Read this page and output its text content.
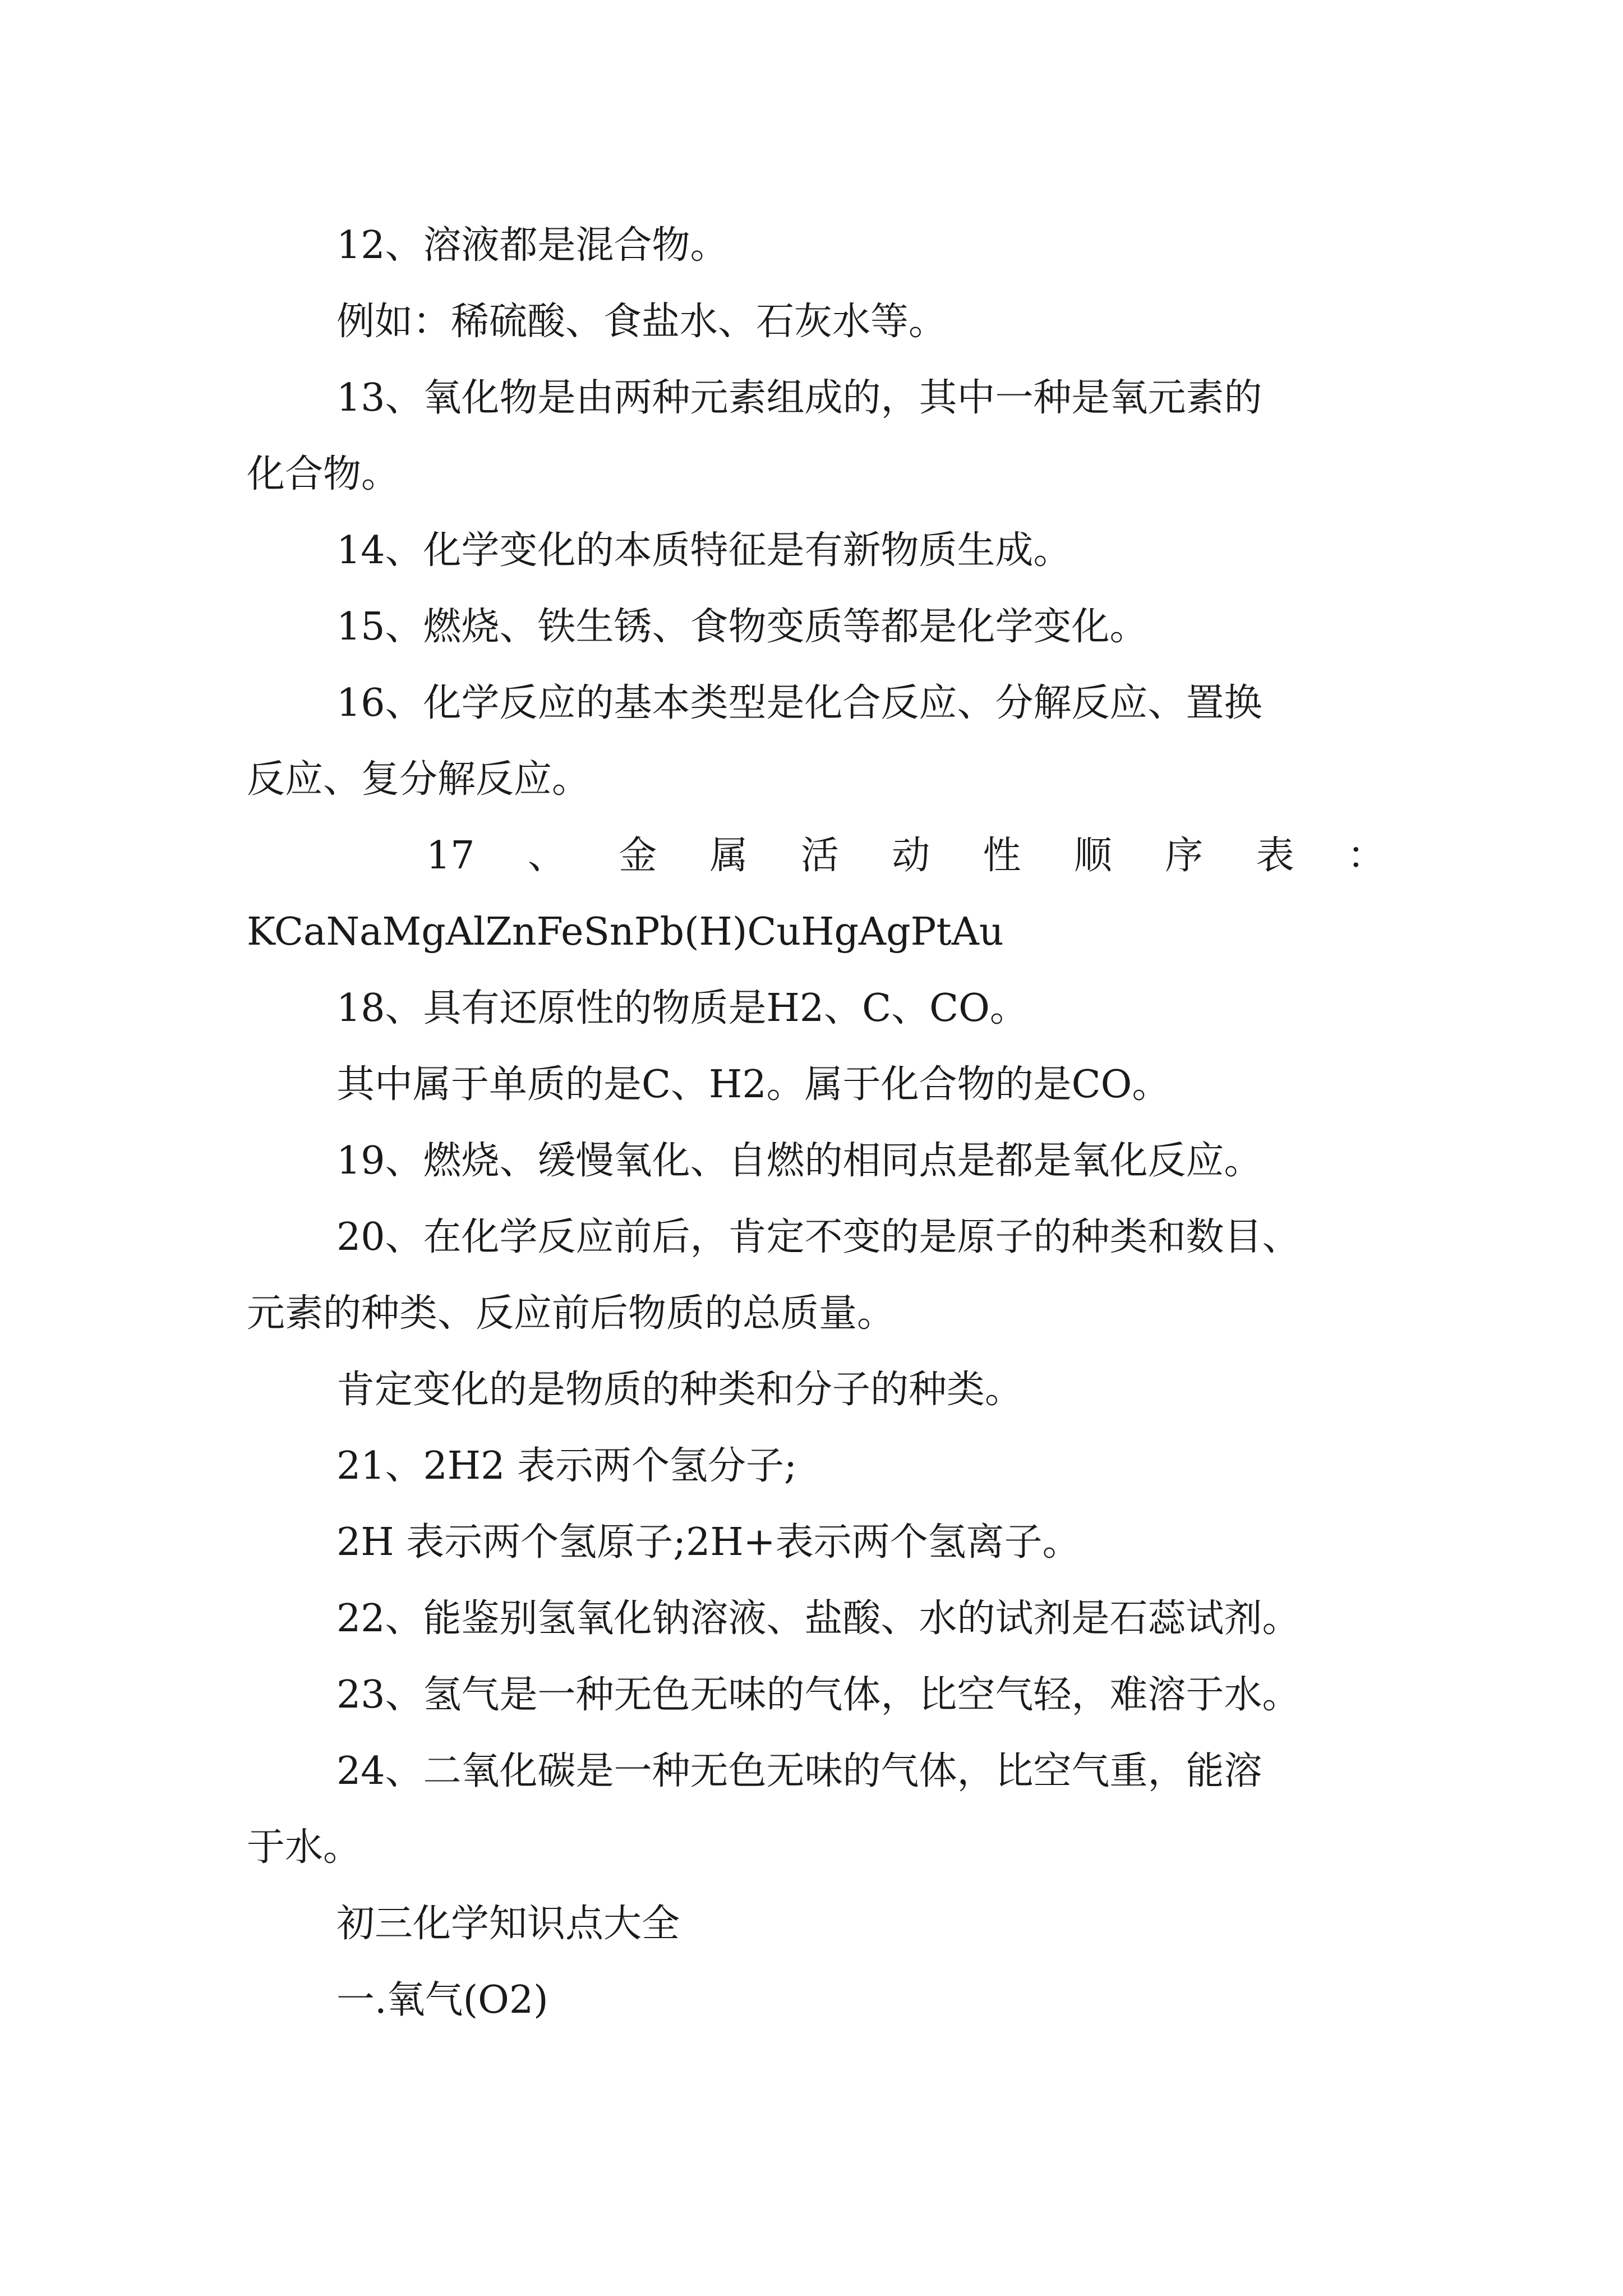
12、溶液都是混合物。

例如：稀硫酸、食盐水、石灰水等。

13、氧化物是由两种元素组成的，其中一种是氧元素的

化合物。

14、化学变化的本质特征是有新物质生成。

15、燃烧、铁生锈、食物变质等都是化学变化。

16、化学反应的基本类型是化合反应、分解反应、置换

反应、复分解反应。

17 、 金 属 活 动 性 顺 序 表 ：

KCaNaMgAlZnFeSnPb(H)CuHgAgPtAu

18、具有还原性的物质是H2、C、CO。

其中属于单质的是C、H2。属于化合物的是CO。

19、燃烧、缓慢氧化、自燃的相同点是都是氧化反应。

20、在化学反应前后，肯定不变的是原子的种类和数目、

元素的种类、反应前后物质的总质量。

肯定变化的是物质的种类和分子的种类。

21、2H2 表示两个氢分子;

2H 表示两个氢原子;2H+表示两个氢离子。

22、能鉴别氢氧化钠溶液、盐酸、水的试剂是石蕊试剂。

23、氢气是一种无色无味的气体，比空气轻，难溶于水。

24、二氧化碳是一种无色无味的气体，比空气重，能溶

于水。

初三化学知识点大全

一.氧气(O2)
